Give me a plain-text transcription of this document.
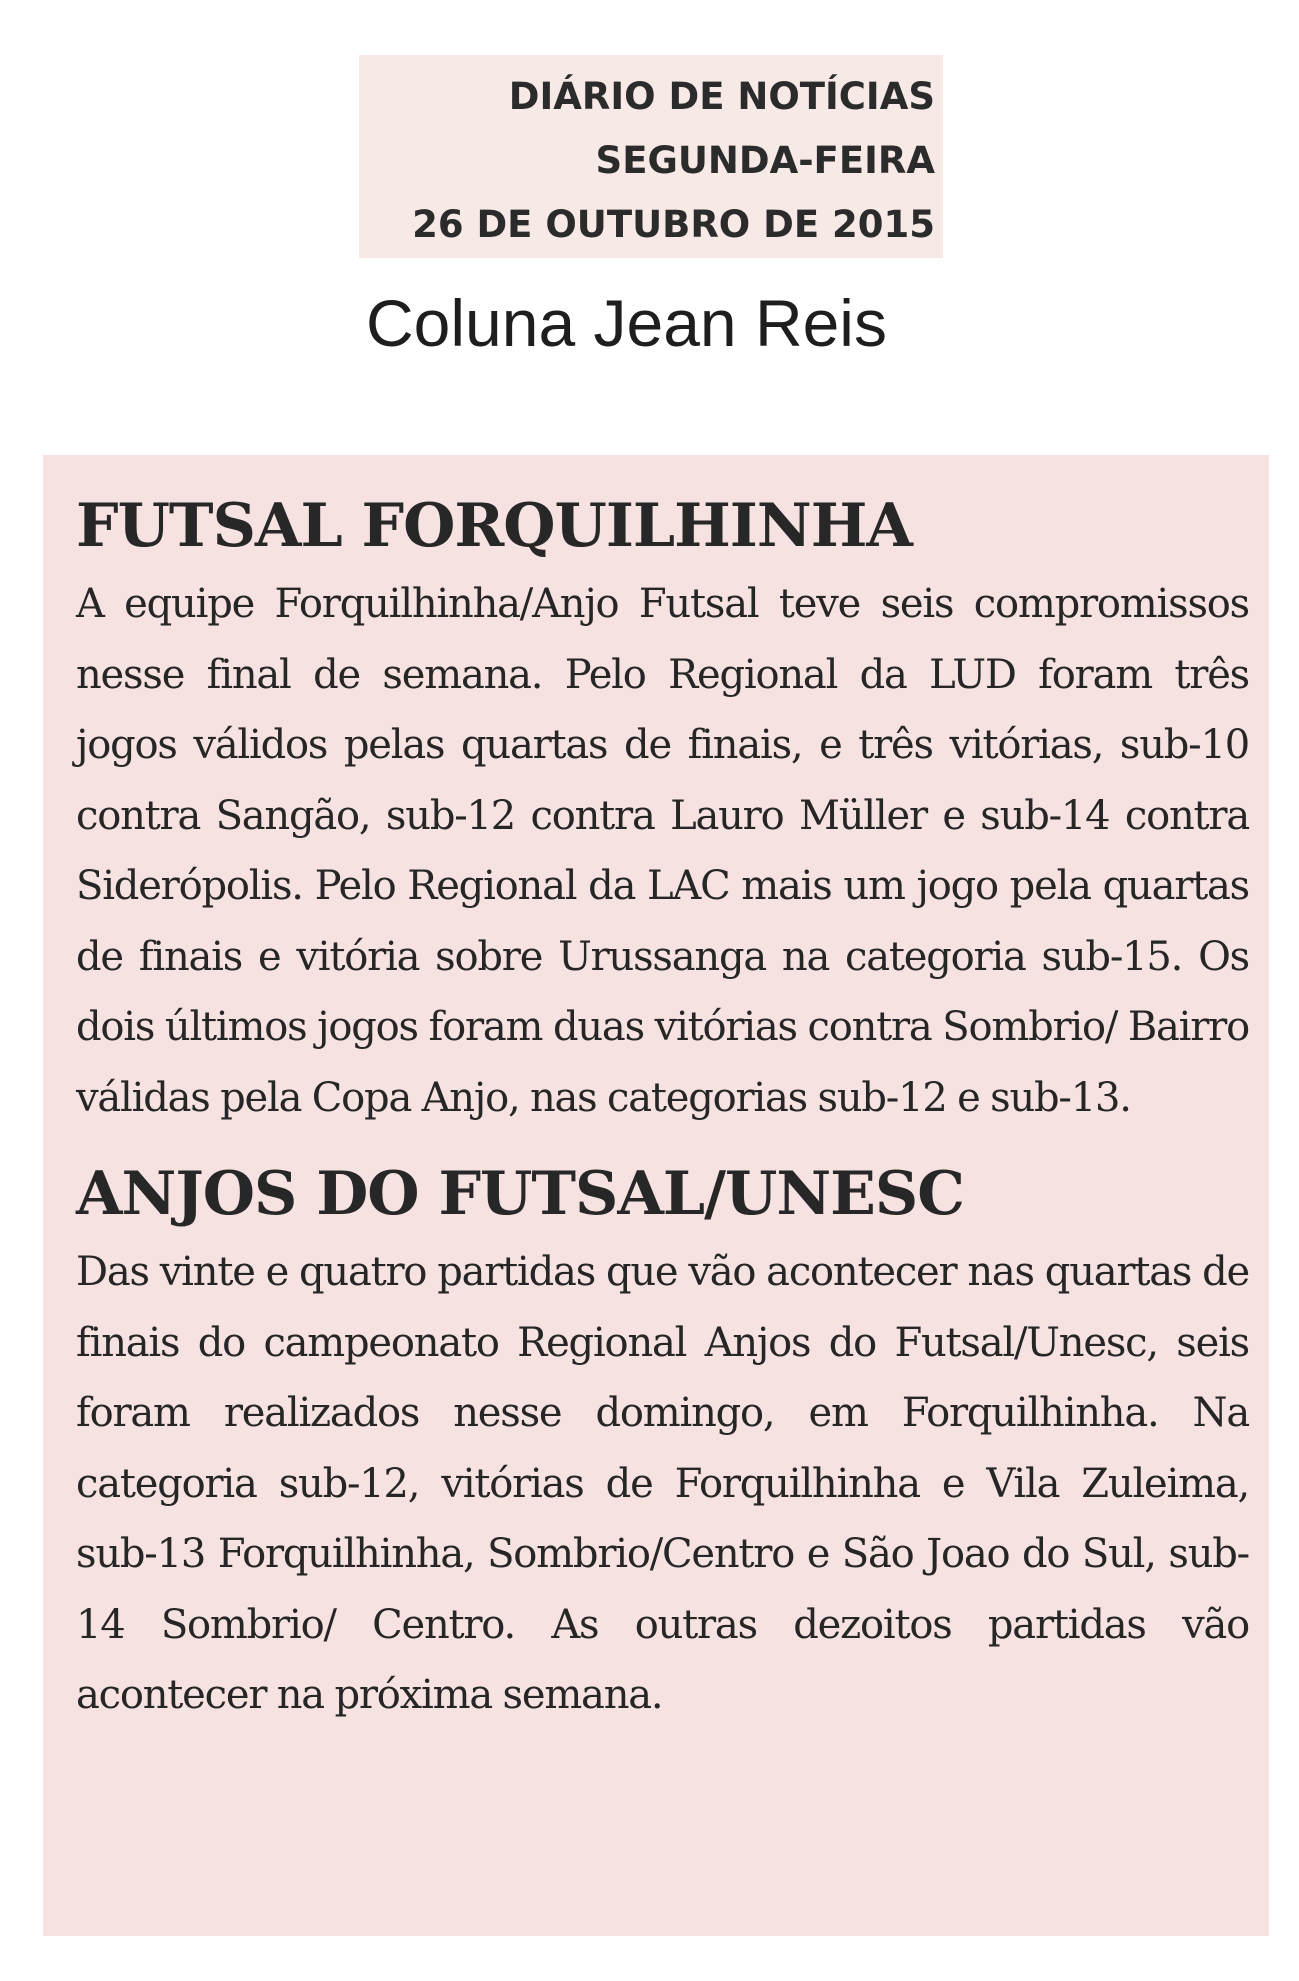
DIÁRIO DE NOTÍCIAS
SEGUNDA-FEIRA
26 DE OUTUBRO DE 2015
Coluna Jean Reis
FUTSAL FORQUILHINHA

A equipe Forquilhinha/Anjo Futsal teve seis compromissos nesse final de semana. Pelo Regional da LUD foram três jogos válidos pelas quartas de finais, e três vitórias, sub-10 contra Sangão, sub-12 contra Lauro Müller e sub-14 contra Siderópolis. Pelo Regional da LAC mais um jogo pela quartas de finais e vitória sobre Urussanga na categoria sub-15. Os dois últimos jogos foram duas vitórias contra Sombrio/ Bairro válidas pela Copa Anjo, nas categorias sub-12 e sub-13.

ANJOS DO FUTSAL/UNESC

Das vinte e quatro partidas que vão acontecer nas quartas de finais do campeonato Regional Anjos do Futsal/Unesc, seis foram realizados nesse domingo, em Forquilhinha. Na categoria sub-12, vitórias de Forquilhinha e Vila Zuleima, sub-13 Forquilhinha, Sombrio/Centro e São Joao do Sul, sub-14 Sombrio/ Centro. As outras dezoitos partidas vão acontecer na próxima semana.
